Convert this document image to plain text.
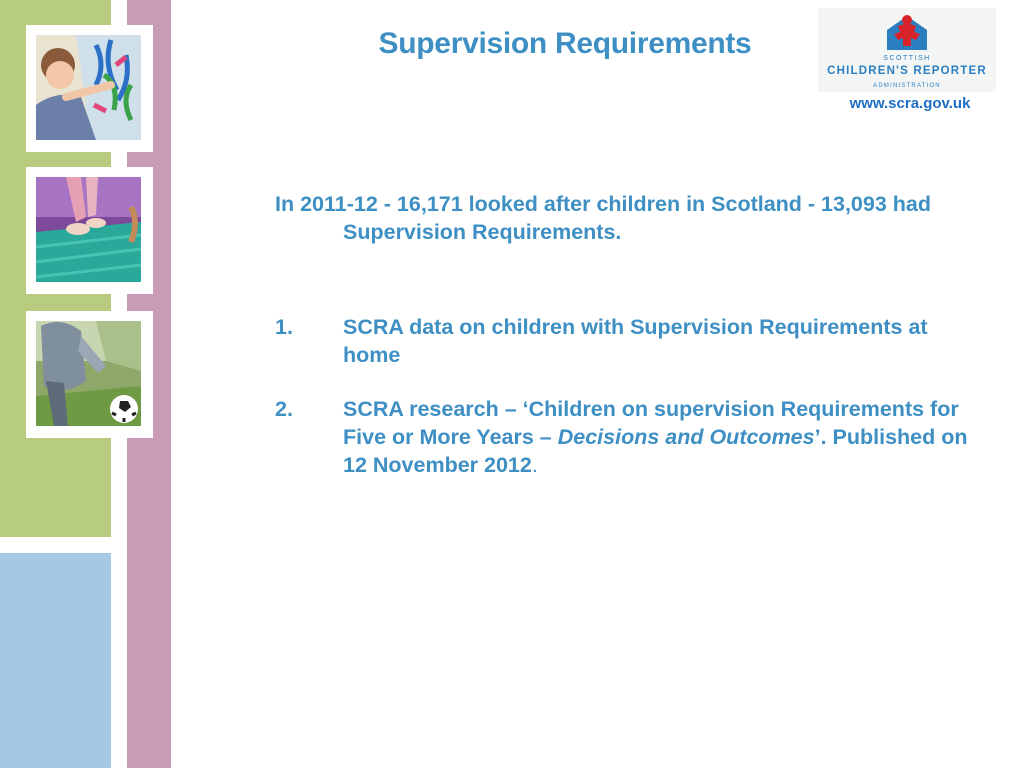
Supervision Requirements	SCOTTISH
CHILDREN'S REPORTER
ADMINISTRATION
www.scra.gov.uk

In 2011-12 - 16,171 looked after children in Scotland - 13,093 had Supervision Requirements.

1.	SCRA data on children with Supervision Requirements at home
2.	SCRA research – ‘Children on supervision Requirements for Five or More Years – Decisions and Outcomes’. Published on 12 November 2012.
